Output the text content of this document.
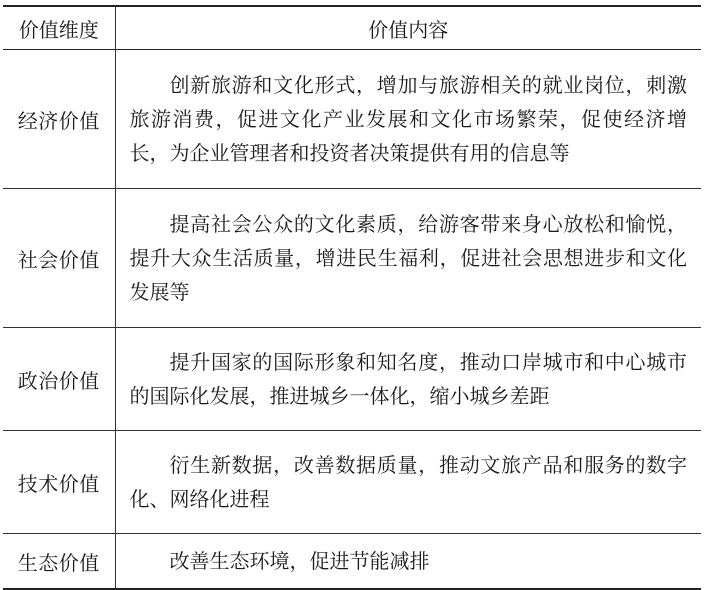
价值维度	价值内容
经济价值	创新旅游和文化形式，增加与旅游相关的就业岗位，刺激旅游消费，促进文化产业发展和文化市场繁荣，促使经济增长，为企业管理者和投资者决策提供有用的信息等

社会价值	提高社会公众的文化素质，给游客带来身心放松和愉悦，提升大众生活质量，增进民生福利，促进社会思想进步和文化发展等

政治价值	提升国家的国际形象和知名度，推动口岸城市和中心城市的国际化发展，推进城乡一体化，缩小城乡差距

技术价值	衍生新数据，改善数据质量，推动文旅产品和服务的数字化、网络化进程

生态价值	改善生态环境，促进节能减排
